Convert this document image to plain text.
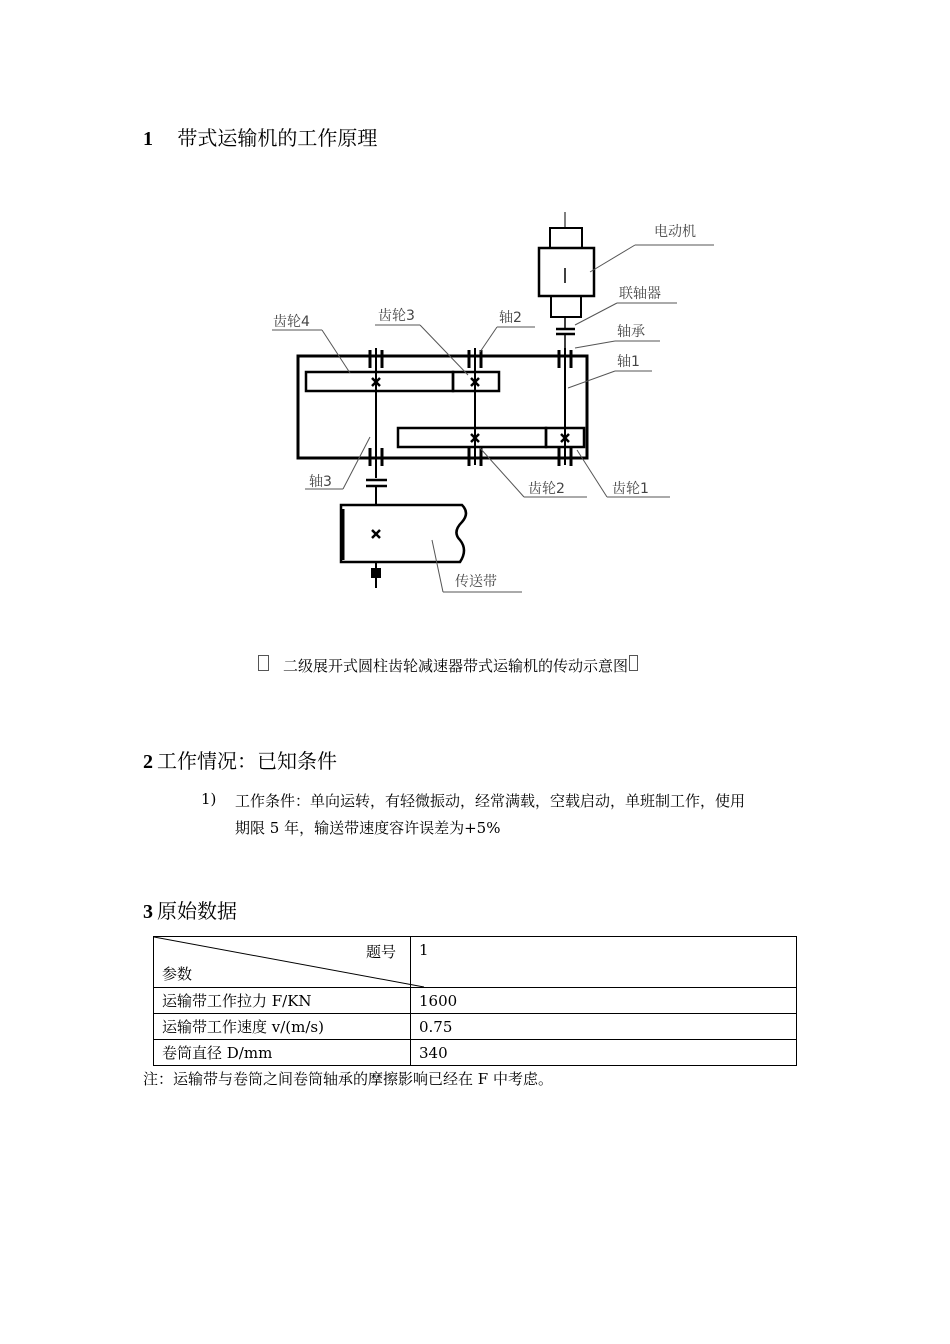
1 带式运输机的工作原理
电动机
联轴器
轴承
轴1
轴2
齿轮3
齿轮4
轴3	齿轮2	齿轮1
传送带
二级展开式圆柱齿轮减速器带式运输机的传动示意图
2 工作情况：已知条件
1) 工作条件：单向运转，有轻微振动，经常满载，空载启动，单班制工作，使用
期限 5 年，输送带速度容许误差为+5%
3 原始数据
题号
参数	1
运输带工作拉力 F/KN	1600
运输带工作速度 v/(m/s)	0.75
卷筒直径 D/mm	340
注：运输带与卷筒之间卷筒轴承的摩擦影响已经在 F 中考虑。
